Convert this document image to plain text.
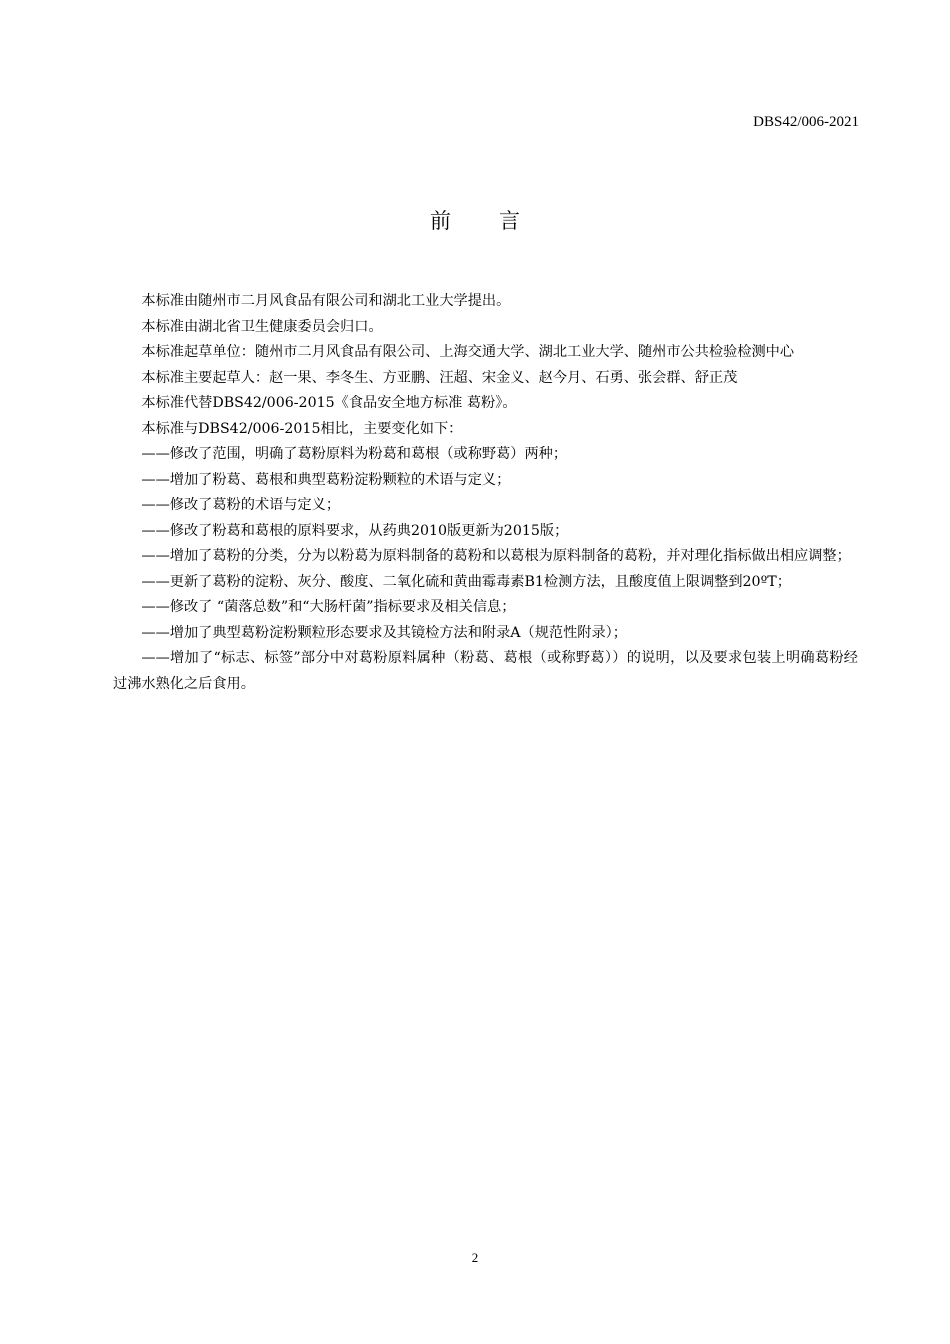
DBS42/006-2021
前 言

本标准由随州市二月风食品有限公司和湖北工业大学提出。

本标准由湖北省卫生健康委员会归口。

本标准起草单位：随州市二月风食品有限公司、上海交通大学、湖北工业大学、随州市公共检验检测中心

本标准主要起草人：赵一果、李冬生、方亚鹏、汪超、宋金义、赵今月、石勇、张会群、舒正茂

本标准代替DBS42/006-2015《食品安全地方标准 葛粉》。

本标准与DBS42/006-2015相比，主要变化如下：

——修改了范围，明确了葛粉原料为粉葛和葛根（或称野葛）两种；

——增加了粉葛、葛根和典型葛粉淀粉颗粒的术语与定义；

——修改了葛粉的术语与定义；

——修改了粉葛和葛根的原料要求，从药典2010版更新为2015版；

——增加了葛粉的分类，分为以粉葛为原料制备的葛粉和以葛根为原料制备的葛粉，并对理化指标做出相应调整；

——更新了葛粉的淀粉、灰分、酸度、二氧化硫和黄曲霉毒素B1检测方法，且酸度值上限调整到20ºT；

——修改了 “菌落总数”和“大肠杆菌”指标要求及相关信息；

——增加了典型葛粉淀粉颗粒形态要求及其镜检方法和附录A（规范性附录）；

——增加了“标志、标签”部分中对葛粉原料属种（粉葛、葛根（或称野葛））的说明，以及要求包装上明确葛粉经过沸水熟化之后食用。

2
